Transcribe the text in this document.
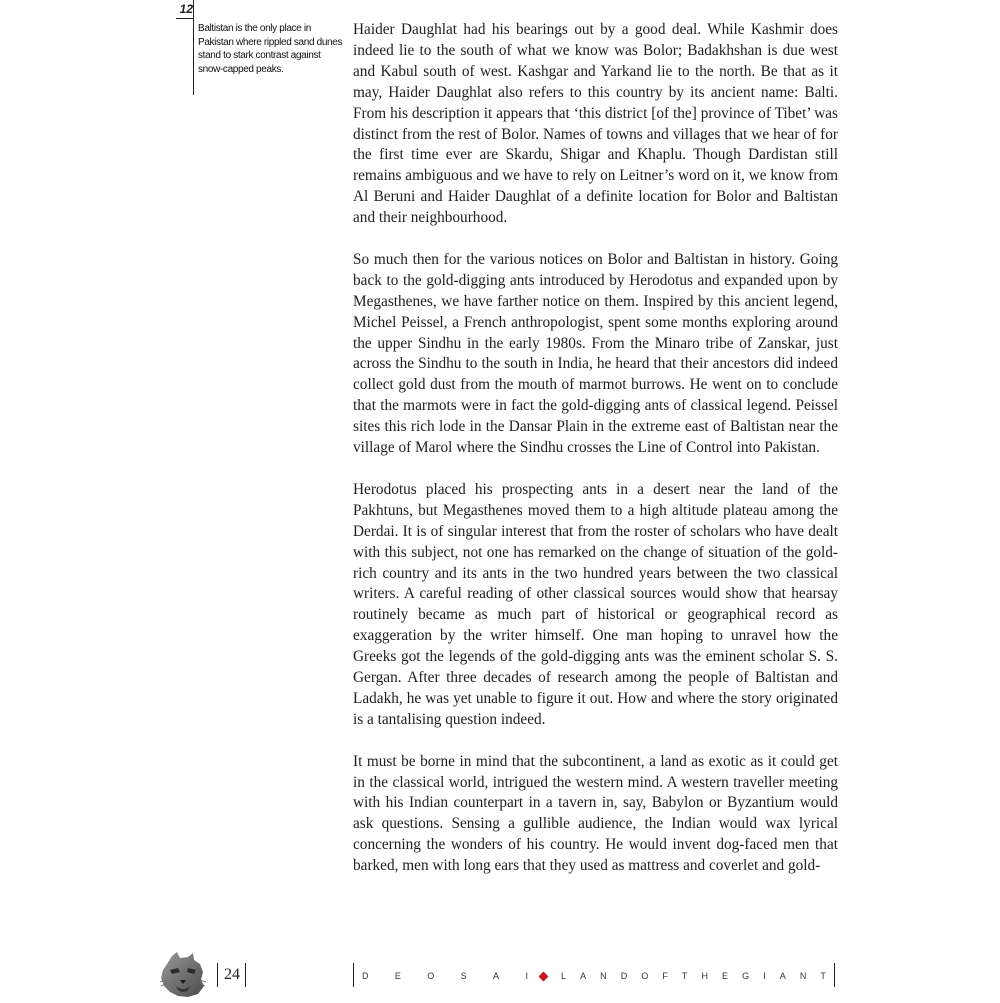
12
Baltistan is the only place in Pakistan where rippled sand dunes stand to stark contrast against snow-capped peaks.

Haider Daughlat had his bearings out by a good deal. While Kashmir does indeed lie to the south of what we know was Bolor; Badakhshan is due west and Kabul south of west. Kashgar and Yarkand lie to the north. Be that as it may, Haider Daughlat also refers to this country by its ancient name: Balti. From his description it appears that ‘this district [of the] province of Tibet’ was distinct from the rest of Bolor. Names of towns and villages that we hear of for the first time ever are Skardu, Shigar and Khaplu. Though Dardistan still remains ambiguous and we have to rely on Leitner’s word on it, we know from Al Beruni and Haider Daughlat of a definite location for Bolor and Baltistan and their neighbourhood.

So much then for the various notices on Bolor and Baltistan in history. Going back to the gold-digging ants introduced by Herodotus and expanded upon by Megasthenes, we have farther notice on them. Inspired by this ancient legend, Michel Peissel, a French anthropologist, spent some months exploring around the upper Sindhu in the early 1980s. From the Minaro tribe of Zanskar, just across the Sindhu to the south in India, he heard that their ancestors did indeed collect gold dust from the mouth of marmot burrows. He went on to conclude that the marmots were in fact the gold-digging ants of classical legend. Peissel sites this rich lode in the Dansar Plain in the extreme east of Baltistan near the village of Marol where the Sindhu crosses the Line of Control into Pakistan.

Herodotus placed his prospecting ants in a desert near the land of the Pakhtuns, but Megasthenes moved them to a high altitude plateau among the Derdai. It is of singular interest that from the roster of scholars who have dealt with this subject, not one has remarked on the change of situation of the gold-rich country and its ants in the two hundred years between the two classical writers. A careful reading of other classical sources would show that hearsay routinely became as much part of historical or geographical record as exaggeration by the writer himself. One man hoping to unravel how the Greeks got the legends of the gold-digging ants was the eminent scholar S. S. Gergan. After three decades of research among the people of Baltistan and Ladakh, he was yet unable to figure it out. How and where the story originated is a tantalising question indeed.

It must be borne in mind that the subcontinent, a land as exotic as it could get in the classical world, intrigued the western mind. A western traveller meeting with his Indian counterpart in a tavern in, say, Babylon or Byzantium would ask questions. Sensing a gullible audience, the Indian would wax lyrical concerning the wonders of his country. He would invent dog-faced men that barked, men with long ears that they used as mattress and coverlet and gold-

24	D	E	O	S	A	I	L A N D O F T H E G I A N T
